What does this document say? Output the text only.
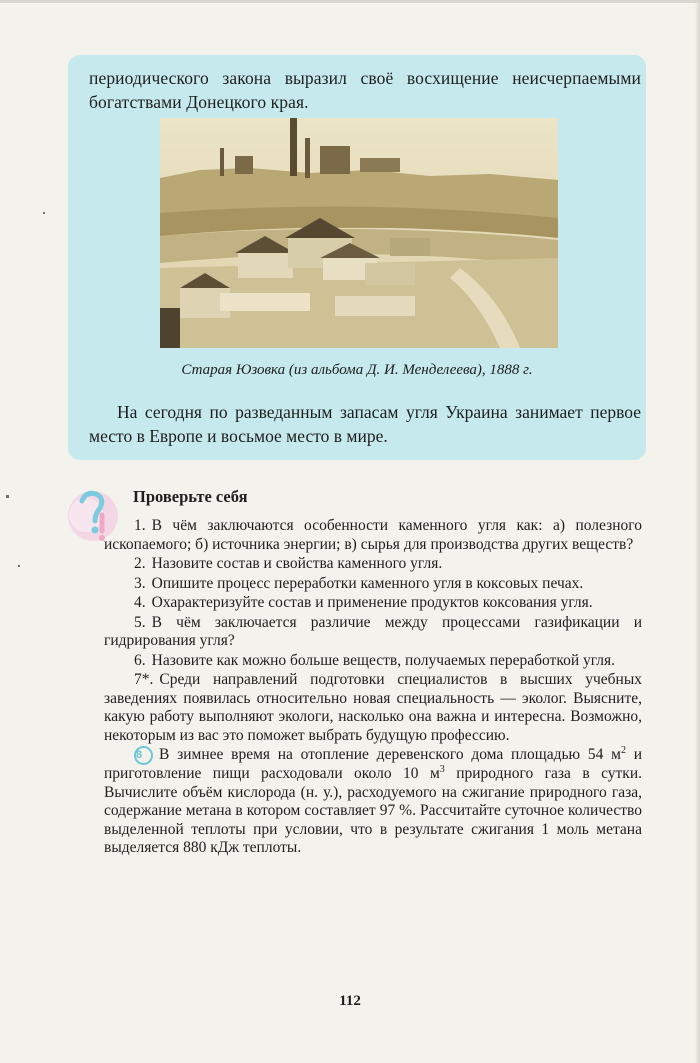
периодического закона выразил своё восхищение неисчерпаемыми богатствами Донецкого края.

Старая Юзовка (из альбома Д. И. Менделеева), 1888 г.

На сегодня по разведанным запасам угля Украина занимает первое место в Европе и восьмое место в мире.

Проверьте себя

1. В чём заключаются особенности каменного угля как: а) полезного ископаемого; б) источника энергии; в) сырья для производства других веществ?

2. Назовите состав и свойства каменного угля.

3. Опишите процесс переработки каменного угля в коксовых печах.

4. Охарактеризуйте состав и применение продуктов коксования угля.

5. В чём заключается различие между процессами газификации и гидрирования угля?

6. Назовите как можно больше веществ, получаемых переработкой угля.

7*. Среди направлений подготовки специалистов в высших учебных заведениях появилась относительно новая специальность — эколог. Выясните, какую работу выполняют экологи, насколько она важна и интересна. Возможно, некоторым из вас это поможет выбрать будущую профессию.

8 В зимнее время на отопление деревенского дома площадью 54 $м^2$ и приготовление пищи расходовали около 10 $м^3$ природного газа в сутки. Вычислите объём кислорода (н. у.), расходуемого на сжигание природного газа, содержание метана в котором составляет 97 %. Рассчитайте суточное количество выделенной теплоты при условии, что в результате сжигания 1 моль метана выделяется 880 кДж теплоты.

112
